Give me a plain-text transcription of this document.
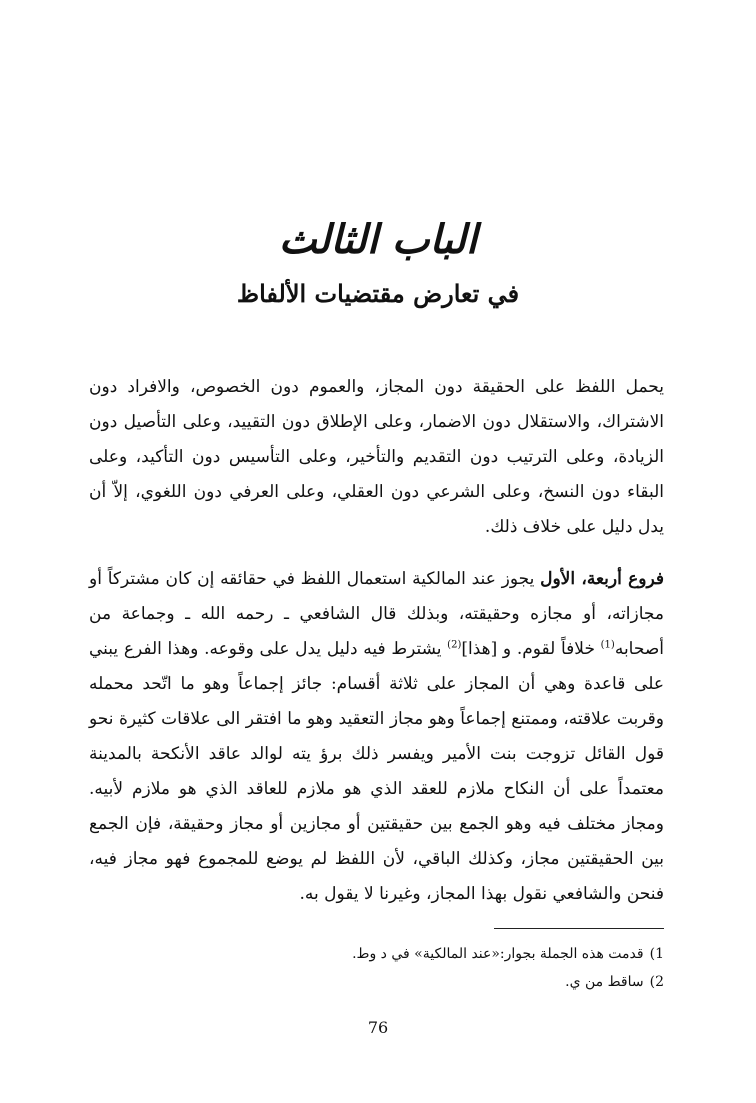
الباب الثالث
في تعارض مقتضيات الألفاظ

يحمل اللفظ على الحقيقة دون المجاز، والعموم دون الخصوص، والافراد دون الاشتراك، والاستقلال دون الاضمار، وعلى الإطلاق دون التقييد، وعلى التأصيل دون الزيادة، وعلى الترتيب دون التقديم والتأخير، وعلى التأسيس دون التأكيد، وعلى البقاء دون النسخ، وعلى الشرعي دون العقلي، وعلى العرفي دون اللغوي، إلاّ أن يدل دليل على خلاف ذلك.

فروع أربعة، الأول يجوز عند المالكية استعمال اللفظ في حقائقه إن كان مشتركاً أو مجازاته، أو مجازه وحقيقته، وبذلك قال الشافعي ـ رحمه الله ـ وجماعة من أصحابه$^{(1)}$ خلافاً لقوم. و [هذا]$^{(2)}$ يشترط فيه دليل يدل على وقوعه. وهذا الفرع يبني على قاعدة وهي أن المجاز على ثلاثة أقسام: جائز إجماعاً وهو ما اتّحد محمله وقربت علاقته، وممتنع إجماعاً وهو مجاز التعقيد وهو ما افتقر الى علاقات كثيرة نحو قول القائل تزوجت بنت الأمير ويفسر ذلك برؤ يته لوالد عاقد الأنكحة بالمدينة معتمداً على أن النكاح ملازم للعقد الذي هو ملازم للعاقد الذي هو ملازم لأبيه. ومجاز مختلف فيه وهو الجمع بين حقيقتين أو مجازين أو مجاز وحقيقة، فإن الجمع بين الحقيقتين مجاز، وكذلك الباقي، لأن اللفظ لم يوضع للمجموع فهو مجاز فيه، فنحن والشافعي نقول بهذا المجاز، وغيرنا لا يقول به.

1)قدمت هذه الجملة بجوار:«عند المالكية» في د وط.
2)ساقط من ي.
76
